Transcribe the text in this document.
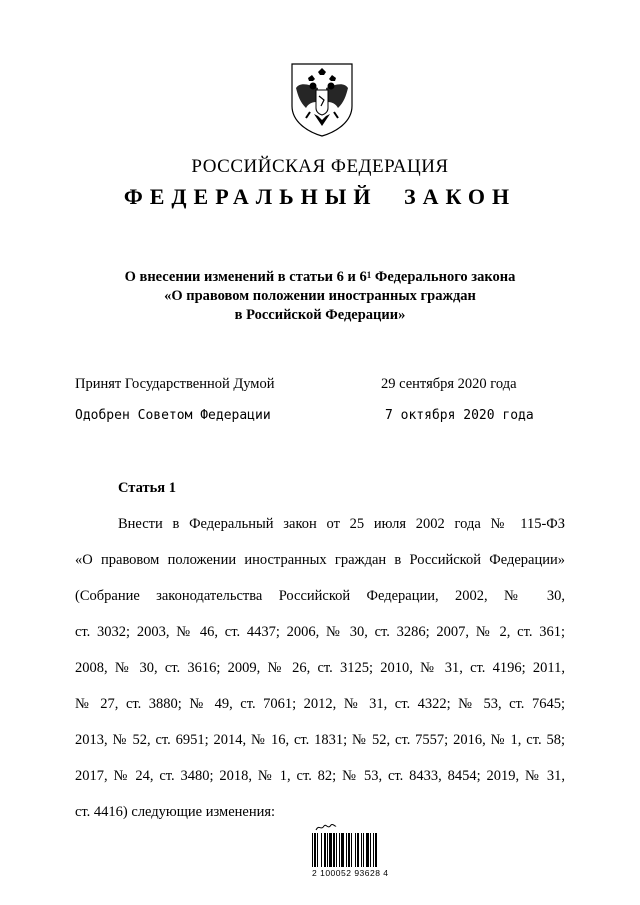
РОССИЙСКАЯ ФЕДЕРАЦИЯ
ФЕДЕРАЛЬНЫЙ ЗАКОН
О внесении изменений в статьи 6 и $6^1$ Федерального закона
«О правовом положении иностранных граждан
в Российской Федерации»
Принят Государственной Думой	29 сентября 2020 года
Одобрен Советом Федерации	7 октября 2020 года
Статья 1
Внести в Федеральный закон от 25 июля 2002 года № 115-ФЗ
«О правовом положении иностранных граждан в Российской Федерации»
(Собрание законодательства Российской Федерации, 2002, № 30,
ст. 3032; 2003, № 46, ст. 4437; 2006, № 30, ст. 3286; 2007, № 2, ст. 361;
2008, № 30, ст. 3616; 2009, № 26, ст. 3125; 2010, № 31, ст. 4196; 2011,
№ 27, ст. 3880; № 49, ст. 7061; 2012, № 31, ст. 4322; № 53, ст. 7645;
2013, № 52, ст. 6951; 2014, № 16, ст. 1831; № 52, ст. 7557; 2016, № 1, ст. 58;
2017, № 24, ст. 3480; 2018, № 1, ст. 82; № 53, ст. 8433, 8454; 2019, № 31,
ст. 4416) следующие изменения:
2 100052 93628 4
